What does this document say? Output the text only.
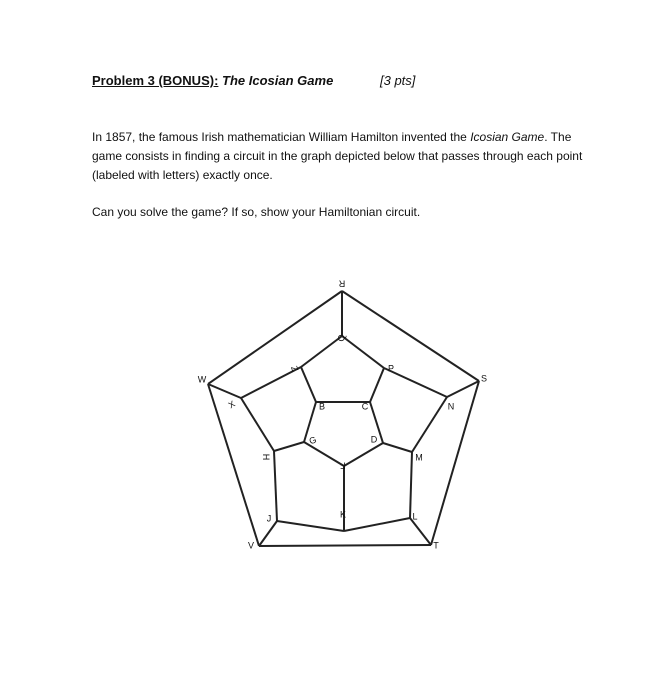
Problem 3 (BONUS): The Icosian Game	[3 pts]

In 1857, the famous Irish mathematician William Hamilton invented the Icosian Game. The game consists in finding a circuit in the graph depicted below that passes through each point (labeled with letters) exactly once.

Can you solve the game? If so, show your Hamiltonian circuit.

R
S
T
V
W
Q
P
N
M
L
K
J
H
X
Z
B	C
D
F
G
